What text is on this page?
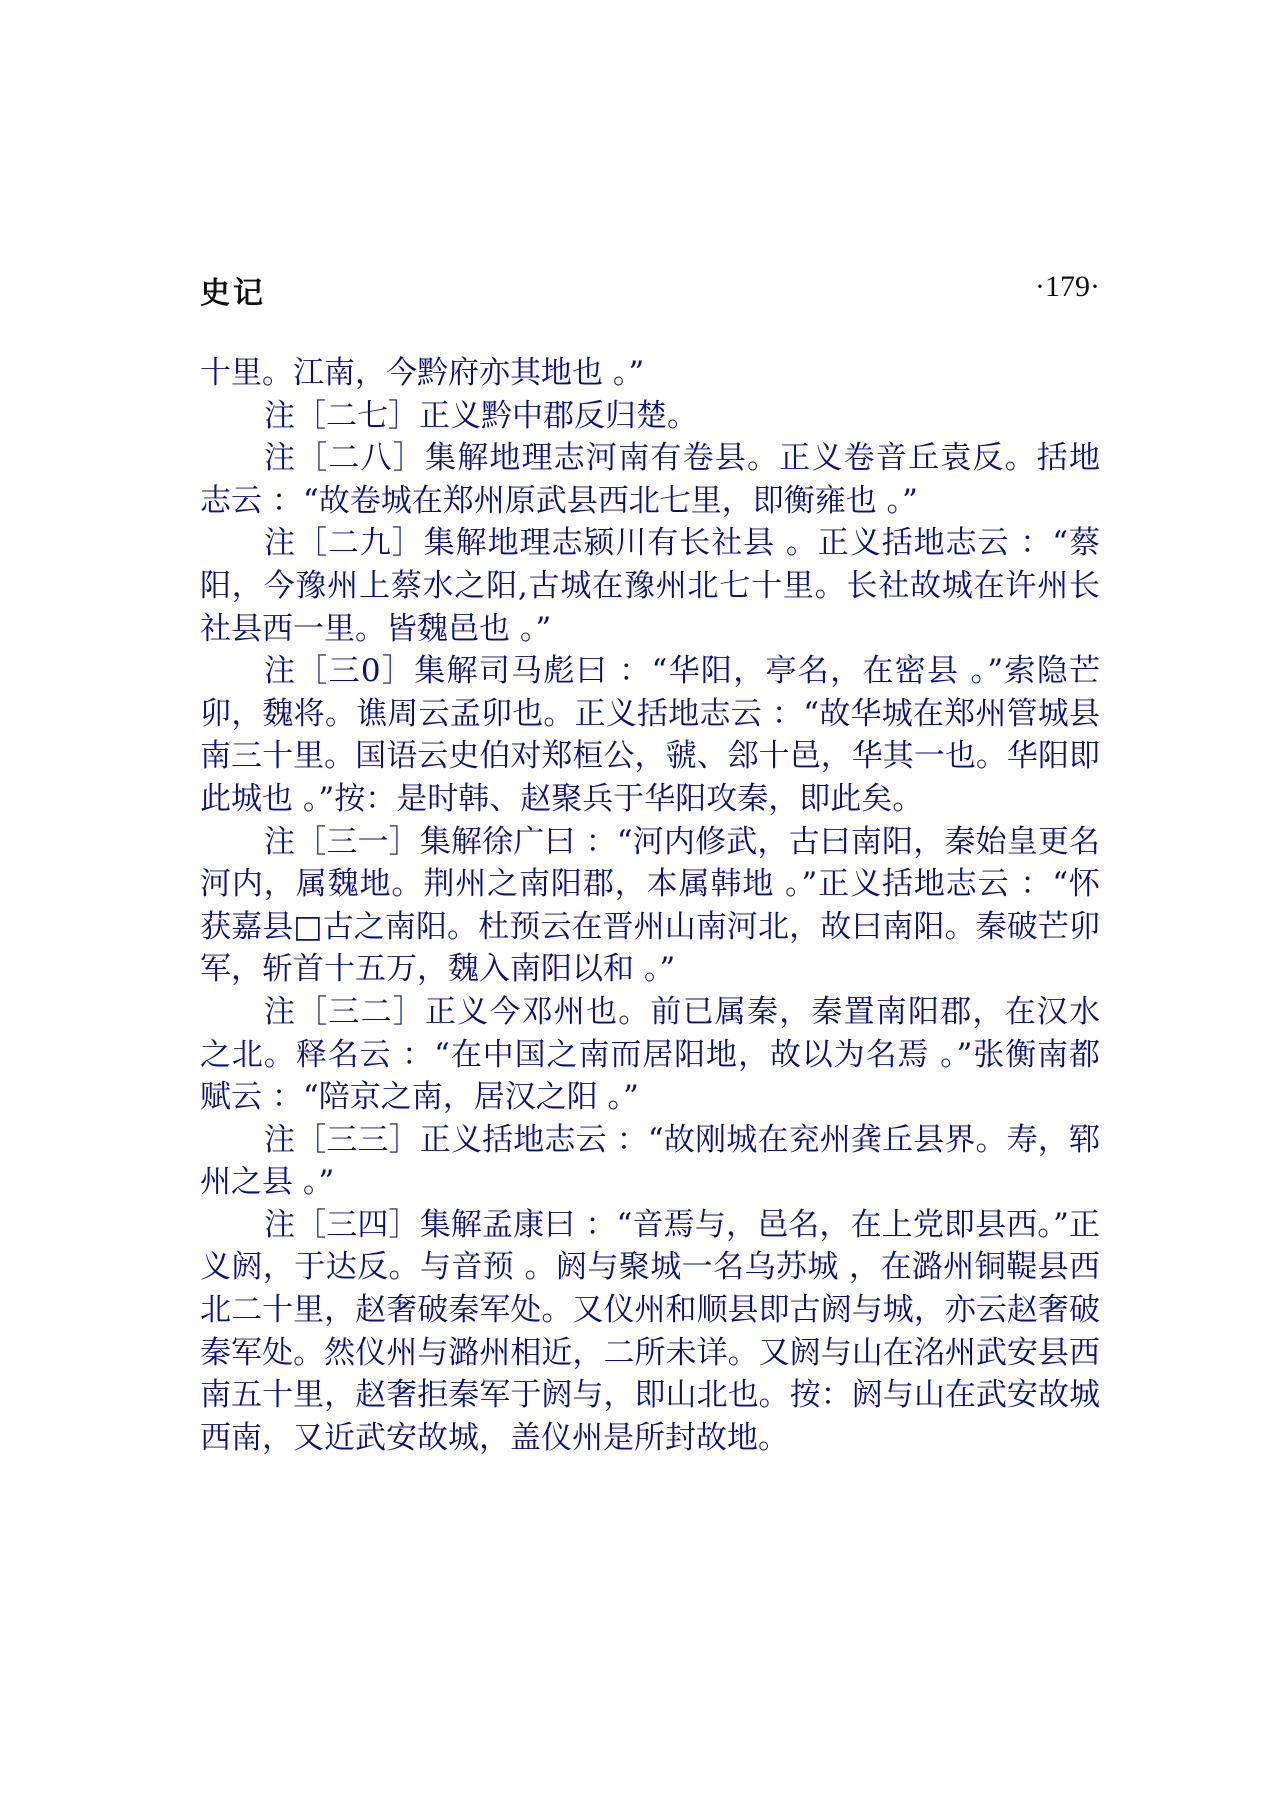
史记	·179·

十里。江南，今黔府亦其地也 。”

注［二七］正义黔中郡反归楚。

注［二八］集解地理志河南有卷县。正义卷音丘袁反。括地志云 ：“故卷城在郑州原武县西北七里，即衡雍也 。”

注［二九］集解地理志颍川有长社县 。正义括地志云 ：“蔡阳，今豫州上蔡水之阳,古城在豫州北七十里。长社故城在许州长社县西一里。皆魏邑也 。”

注［三0］集解司马彪曰 ：“华阳，亭名，在密县 。”索隐芒卯，魏将。谯周云孟卯也。正义括地志云 ：“故华城在郑州管城县南三十里。国语云史伯对郑桓公，虢、郐十邑，华其一也。华阳即此城也 。”按：是时韩、赵聚兵于华阳攻秦，即此矣。

注［三一］集解徐广曰 ：“河内修武，古曰南阳，秦始皇更名河内，属魏地。荆州之南阳郡，本属韩地 。”正义括地志云 ：“怀获嘉县□古之南阳。杜预云在晋州山南河北，故曰南阳。秦破芒卯军，斩首十五万，魏入南阳以和 。”

注［三二］正义今邓州也。前已属秦，秦置南阳郡，在汉水之北。释名云 ：“在中国之南而居阳地，故以为名焉 。”张衡南都赋云 ：“陪京之南，居汉之阳 。”

注［三三］正义括地志云 ：“故刚城在兖州龚丘县界。寿，郓州之县 。”

注［三四］集解孟康曰 ：“音焉与，邑名，在上党即县西。”正义阏，于达反。与音预 。阏与聚城一名乌苏城 ，在潞州铜鞮县西北二十里，赵奢破秦军处。又仪州和顺县即古阏与城，亦云赵奢破秦军处。然仪州与潞州相近，二所未详。又阏与山在洺州武安县西南五十里，赵奢拒秦军于阏与，即山北也。按：阏与山在武安故城西南，又近武安故城，盖仪州是所封故地。
